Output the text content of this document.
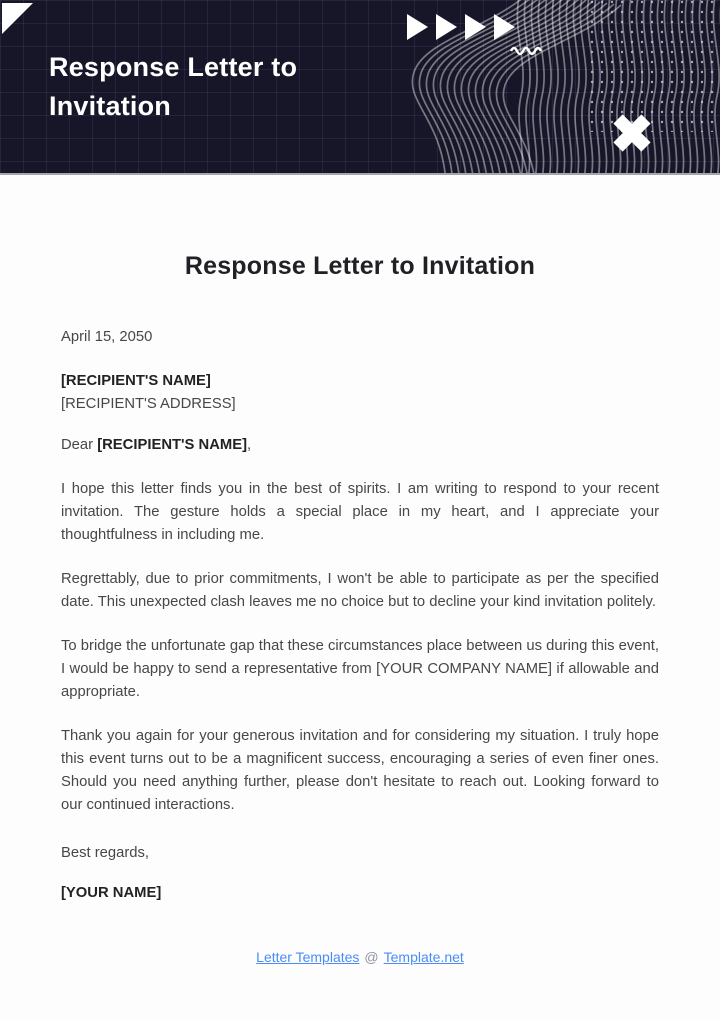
Response Letter to Invitation
Response Letter to Invitation
April 15, 2050
[RECIPIENT'S NAME]
[RECIPIENT'S ADDRESS]
Dear [RECIPIENT'S NAME],

I hope this letter finds you in the best of spirits. I am writing to respond to your recent invitation. The gesture holds a special place in my heart, and I appreciate your thoughtfulness in including me.

Regrettably, due to prior commitments, I won't be able to participate as per the specified date. This unexpected clash leaves me no choice but to decline your kind invitation politely.

To bridge the unfortunate gap that these circumstances place between us during this event, I would be happy to send a representative from [YOUR COMPANY NAME] if allowable and appropriate.

Thank you again for your generous invitation and for considering my situation. I truly hope this event turns out to be a magnificent success, encouraging a series of even finer ones. Should you need anything further, please don't hesitate to reach out. Looking forward to our continued interactions.

Best regards,
[YOUR NAME]
Letter Templates @ Template.net
